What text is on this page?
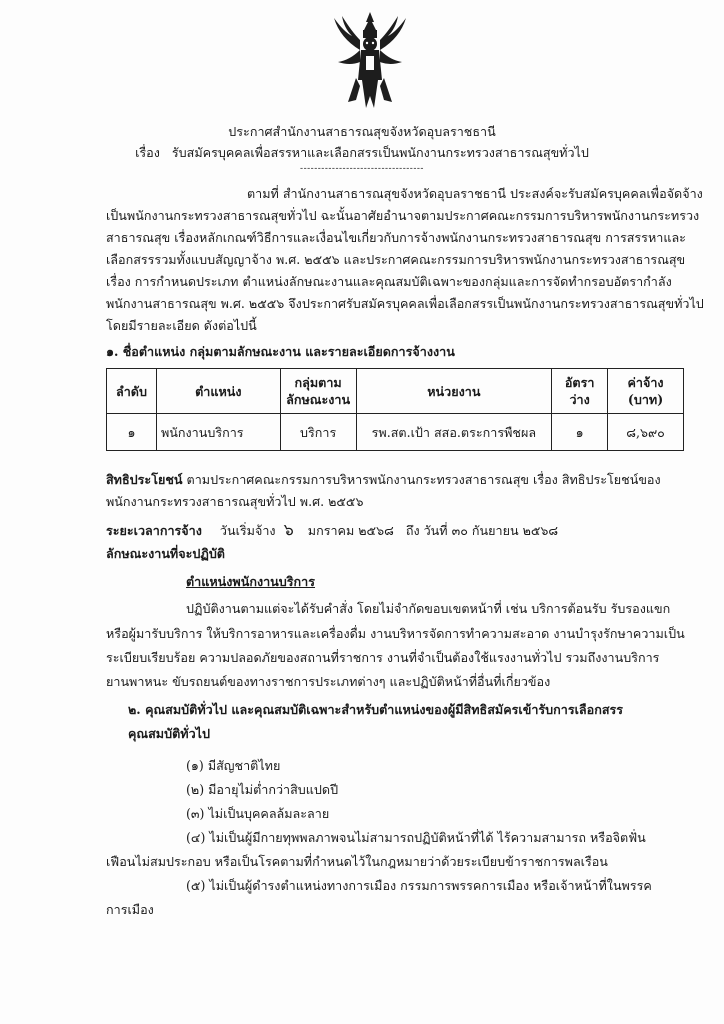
ประกาศสำนักงานสาธารณสุขจังหวัดอุบลราชธานี
เรื่อง รับสมัครบุคคลเพื่อสรรหาและเลือกสรรเป็นพนักงานกระทรวงสาธารณสุขทั่วไป
-----------------------------------
ตามที่ สำนักงานสาธารณสุขจังหวัดอุบลราชธานี ประสงค์จะรับสมัครบุคคลเพื่อจัดจ้าง
เป็นพนักงานกระทรวงสาธารณสุขทั่วไป ฉะนั้นอาศัยอำนาจตามประกาศคณะกรรมการบริหารพนักงานกระทรวง
สาธารณสุข เรื่องหลักเกณฑ์วิธีการและเงื่อนไขเกี่ยวกับการจ้างพนักงานกระทรวงสาธารณสุข การสรรหาและ
เลือกสรรรวมทั้งแบบสัญญาจ้าง พ.ศ. ๒๕๕๖ และประกาศคณะกรรมการบริหารพนักงานกระทรวงสาธารณสุข
เรื่อง การกำหนดประเภท ตำแหน่งลักษณะงานและคุณสมบัติเฉพาะของกลุ่มและการจัดทำกรอบอัตรากำลัง
พนักงานสาธารณสุข พ.ศ. ๒๕๕๖ จึงประกาศรับสมัครบุคคลเพื่อเลือกสรรเป็นพนักงานกระทรวงสาธารณสุขทั่วไป
โดยมีรายละเอียด ดังต่อไปนี้
๑. ชื่อตำแหน่ง กลุ่มตามลักษณะงาน และรายละเอียดการจ้างงาน
ลำดับ	ตำแหน่ง	กลุ่มตาม ลักษณะงาน	หน่วยงาน	อัตรา ว่าง	ค่าจ้าง (บาท)
๑	พนักงานบริการ	บริการ	รพ.สต.เป้า สสอ.ตระการพืชผล	๑	๘,๖๙๐
สิทธิประโยชน์ ตามประกาศคณะกรรมการบริหารพนักงานกระทรวงสาธารณสุข เรื่อง สิทธิประโยชน์ของ
พนักงานกระทรวงสาธารณสุขทั่วไป พ.ศ. ๒๕๕๖
ระยะเวลาการจ้าง วันเริ่มจ้าง ๖ มกราคม ๒๕๖๘ ถึง วันที่ ๓๐ กันยายน ๒๕๖๘
ลักษณะงานที่จะปฏิบัติ
ตำแหน่งพนักงานบริการ
ปฏิบัติงานตามแต่จะได้รับคำสั่ง โดยไม่จำกัดขอบเขตหน้าที่ เช่น บริการต้อนรับ รับรองแขก
หรือผู้มารับบริการ ให้บริการอาหารและเครื่องดื่ม งานบริหารจัดการทำความสะอาด งานบำรุงรักษาความเป็น
ระเบียบเรียบร้อย ความปลอดภัยของสถานที่ราชการ งานที่จำเป็นต้องใช้แรงงานทั่วไป รวมถึงงานบริการ
ยานพาหนะ ขับรถยนต์ของทางราชการประเภทต่างๆ และปฏิบัติหน้าที่อื่นที่เกี่ยวข้อง
๒. คุณสมบัติทั่วไป และคุณสมบัติเฉพาะสำหรับตำแหน่งของผู้มีสิทธิสมัครเข้ารับการเลือกสรร
คุณสมบัติทั่วไป
(๑) มีสัญชาติไทย
(๒) มีอายุไม่ต่ำกว่าสิบแปดปี
(๓) ไม่เป็นบุคคลล้มละลาย
(๔) ไม่เป็นผู้มีกายทุพพลภาพจนไม่สามารถปฏิบัติหน้าที่ได้ ไร้ความสามารถ หรือจิตฟั่น
เฟือนไม่สมประกอบ หรือเป็นโรคตามที่กำหนดไว้ในกฎหมายว่าด้วยระเบียบข้าราชการพลเรือน
(๕) ไม่เป็นผู้ดำรงตำแหน่งทางการเมือง กรรมการพรรคการเมือง หรือเจ้าหน้าที่ในพรรค
การเมือง
